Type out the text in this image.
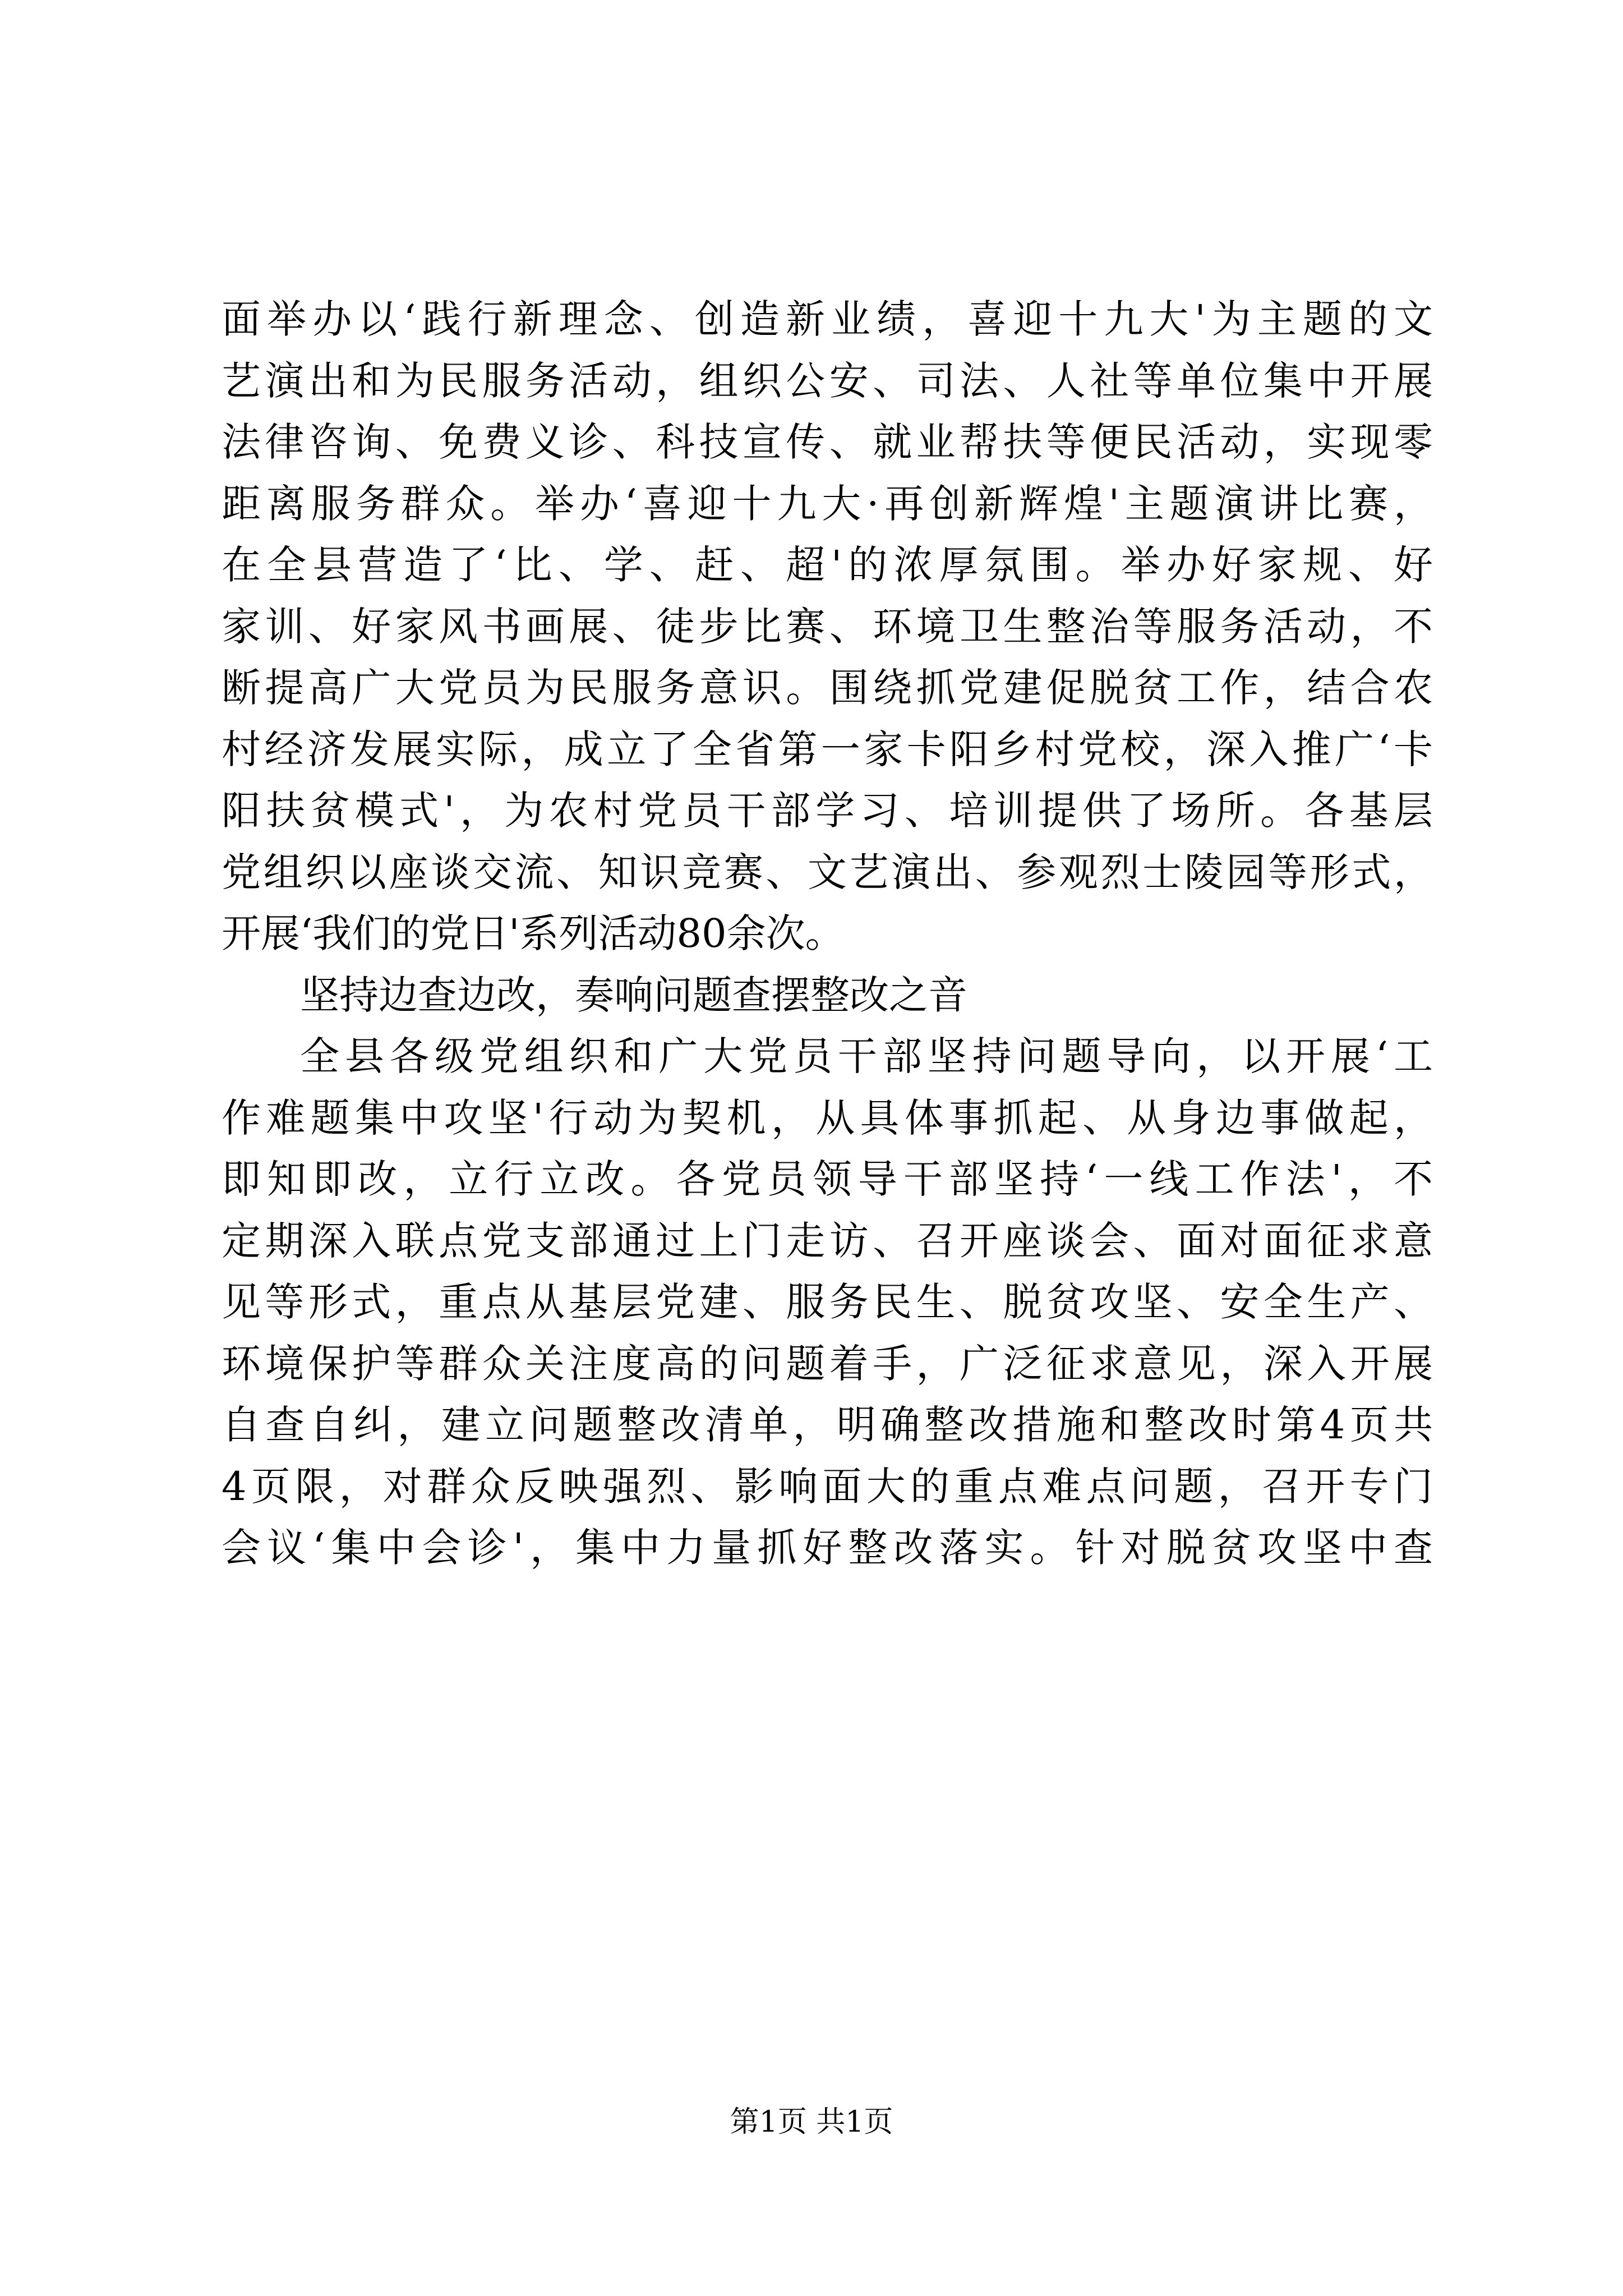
面举办以‘践行新理念、创造新业绩，喜迎十九大'为主题的文
艺演出和为民服务活动，组织公安、司法、人社等单位集中开展
法律咨询、免费义诊、科技宣传、就业帮扶等便民活动，实现零
距离服务群众。举办‘喜迎十九大·再创新辉煌'主题演讲比赛，
在全县营造了‘比、学、赶、超'的浓厚氛围。举办好家规、好
家训、好家风书画展、徒步比赛、环境卫生整治等服务活动，不
断提高广大党员为民服务意识。围绕抓党建促脱贫工作，结合农
村经济发展实际，成立了全省第一家卡阳乡村党校，深入推广‘卡
阳扶贫模式'，为农村党员干部学习、培训提供了场所。各基层
党组织以座谈交流、知识竞赛、文艺演出、参观烈士陵园等形式，
开展‘我们的党日'系列活动80余次。
坚持边查边改，奏响问题查摆整改之音
全县各级党组织和广大党员干部坚持问题导向，以开展‘工
作难题集中攻坚'行动为契机，从具体事抓起、从身边事做起，
即知即改，立行立改。各党员领导干部坚持‘一线工作法'，不
定期深入联点党支部通过上门走访、召开座谈会、面对面征求意
见等形式，重点从基层党建、服务民生、脱贫攻坚、安全生产、
环境保护等群众关注度高的问题着手，广泛征求意见，深入开展
自查自纠，建立问题整改清单，明确整改措施和整改时第4页共
4页限，对群众反映强烈、影响面大的重点难点问题，召开专门
会议‘集中会诊'，集中力量抓好整改落实。针对脱贫攻坚中查
第1页 共1页
